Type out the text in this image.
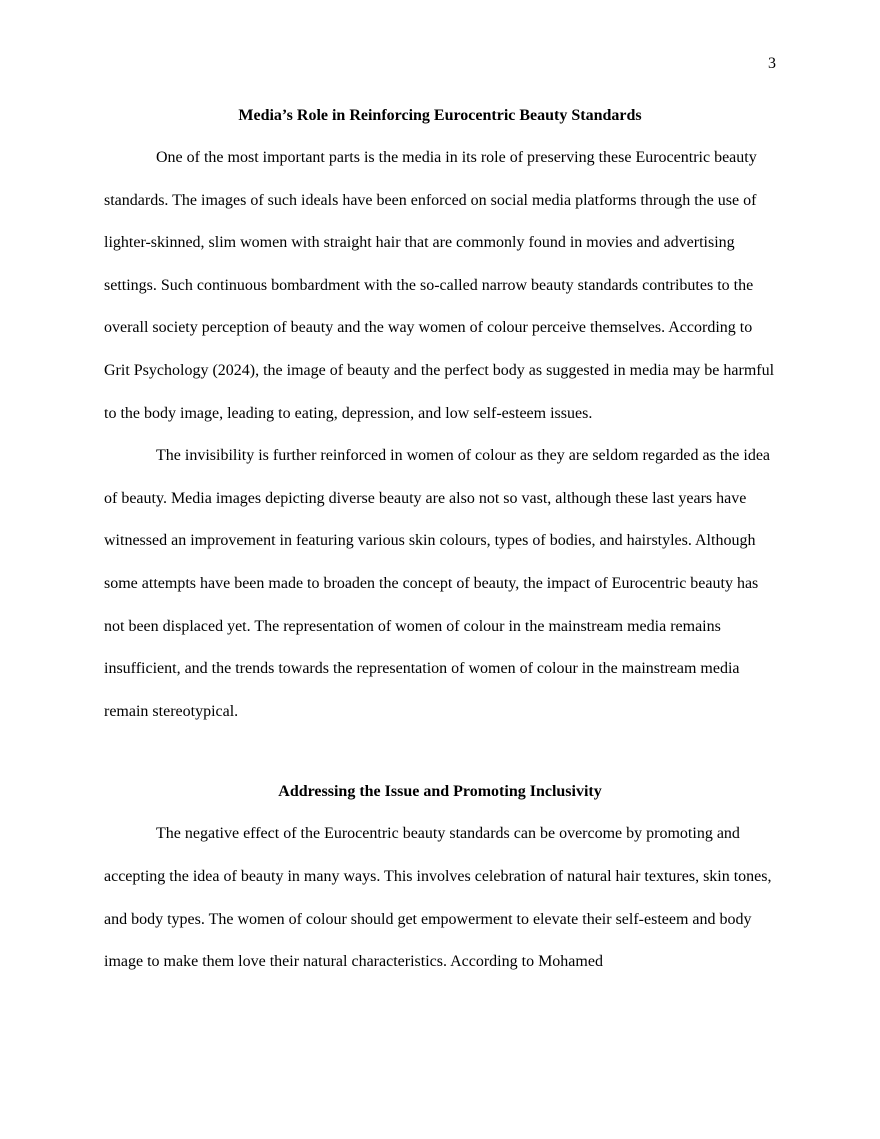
3
Media’s Role in Reinforcing Eurocentric Beauty Standards

One of the most important parts is the media in its role of preserving these Eurocentric beauty standards. The images of such ideals have been enforced on social media platforms through the use of lighter-skinned, slim women with straight hair that are commonly found in movies and advertising settings. Such continuous bombardment with the so-called narrow beauty standards contributes to the overall society perception of beauty and the way women of colour perceive themselves. According to Grit Psychology (2024), the image of beauty and the perfect body as suggested in media may be harmful to the body image, leading to eating, depression, and low self-esteem issues.

The invisibility is further reinforced in women of colour as they are seldom regarded as the idea of beauty. Media images depicting diverse beauty are also not so vast, although these last years have witnessed an improvement in featuring various skin colours, types of bodies, and hairstyles. Although some attempts have been made to broaden the concept of beauty, the impact of Eurocentric beauty has not been displaced yet. The representation of women of colour in the mainstream media remains insufficient, and the trends towards the representation of women of colour in the mainstream media remain stereotypical.

Addressing the Issue and Promoting Inclusivity

The negative effect of the Eurocentric beauty standards can be overcome by promoting and accepting the idea of beauty in many ways. This involves celebration of natural hair textures, skin tones, and body types. The women of colour should get empowerment to elevate their self-esteem and body image to make them love their natural characteristics. According to Mohamed
